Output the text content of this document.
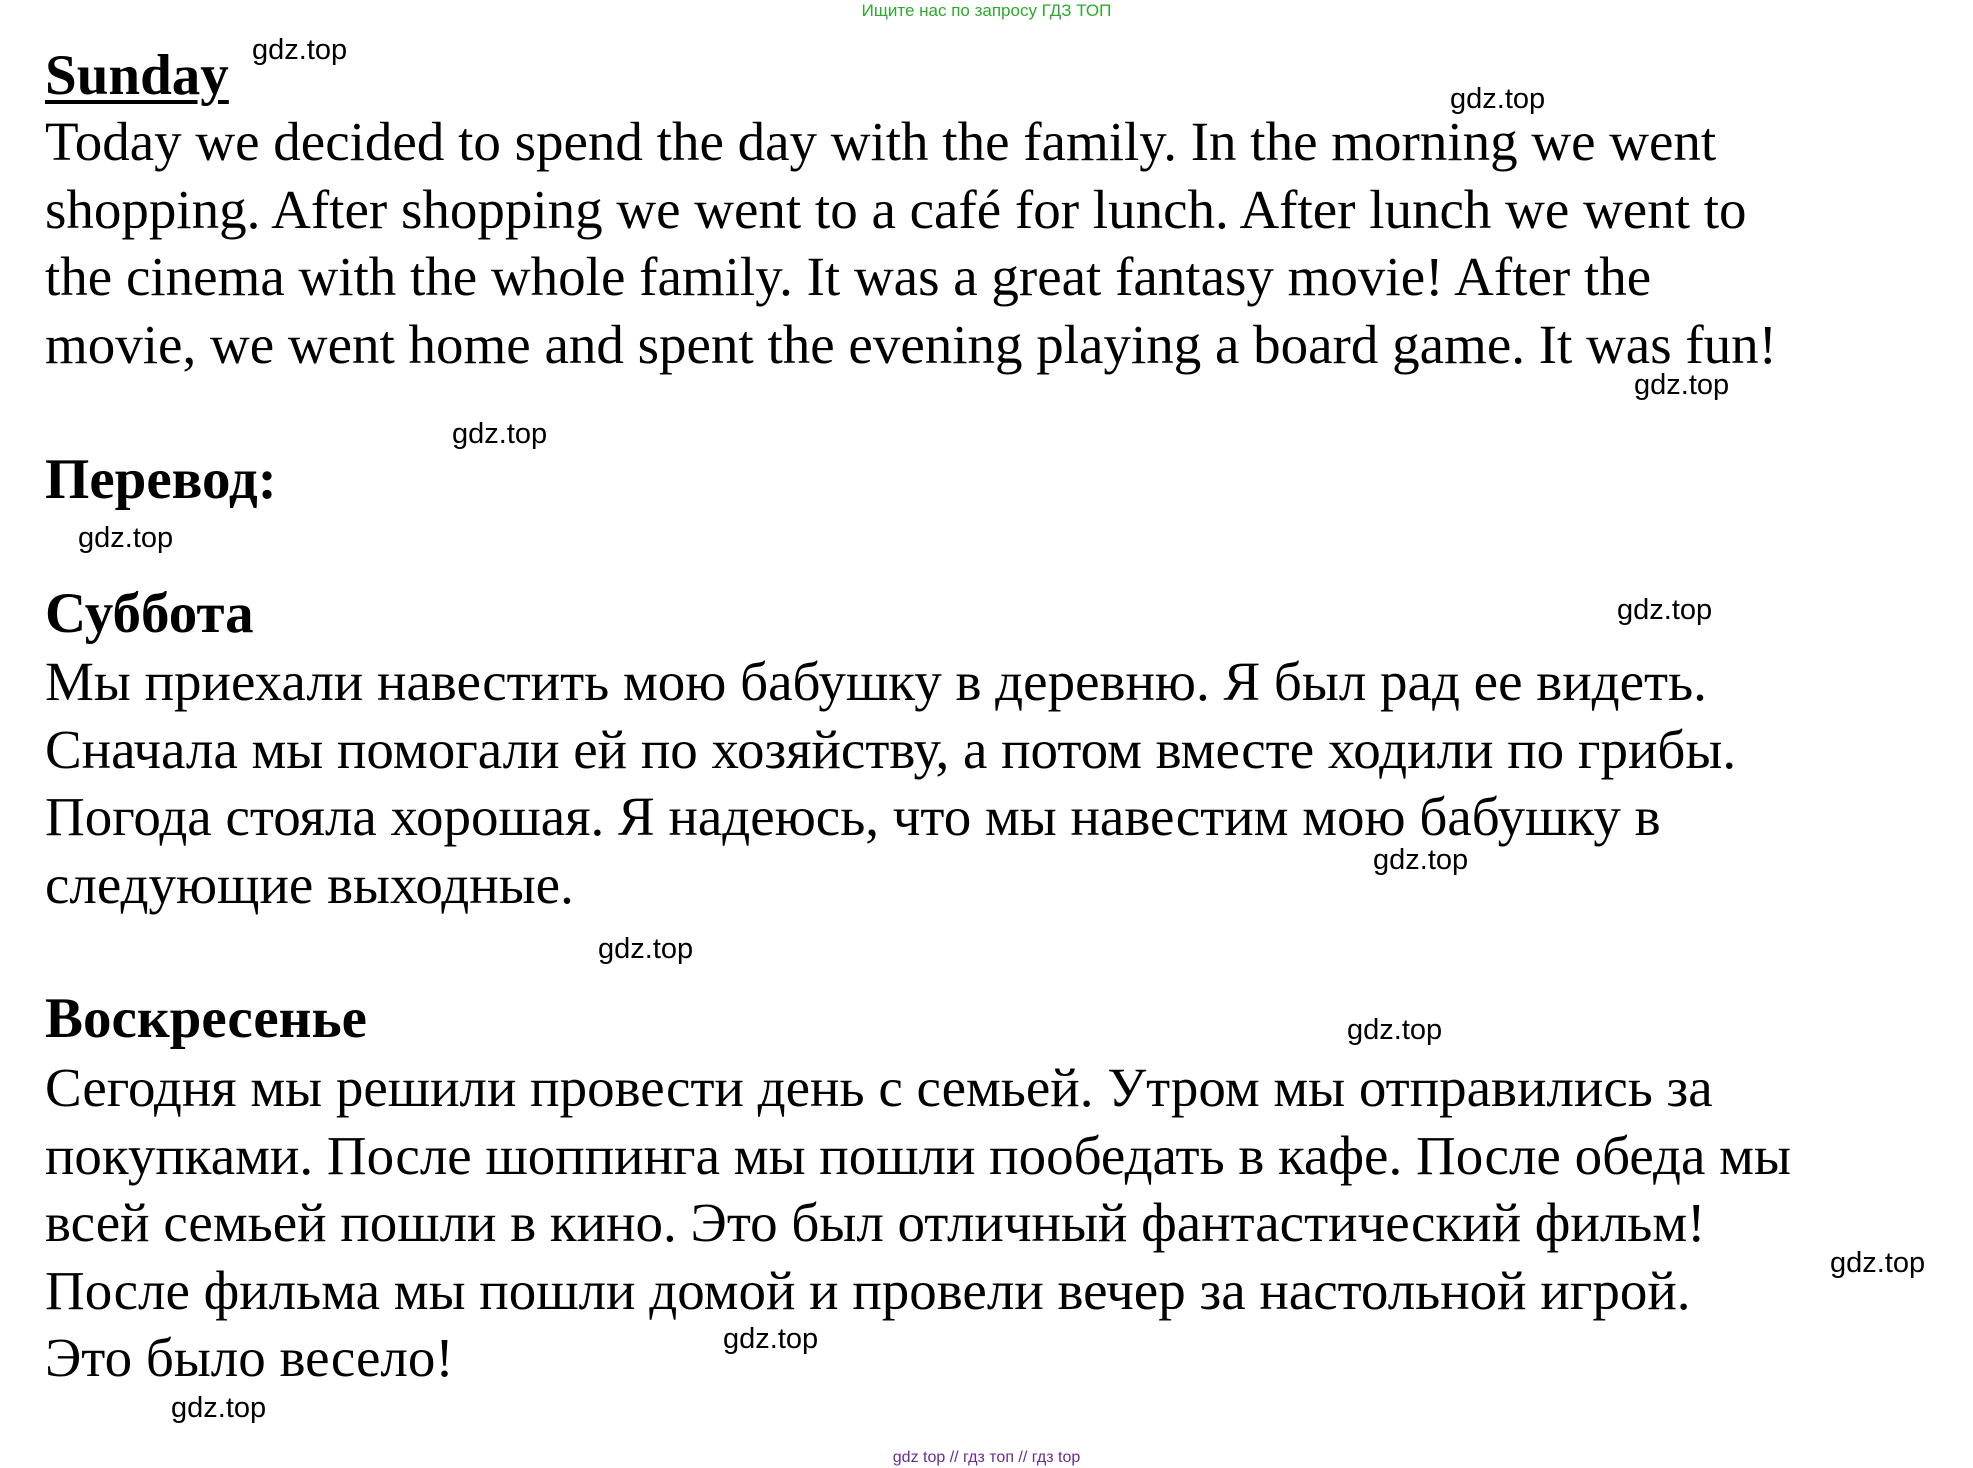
Ищите нас по запросу ГДЗ ТОП
Sunday
Today we decided to spend the day with the family. In the morning we went
shopping. After shopping we went to a café for lunch. After lunch we went to
the cinema with the whole family. It was a great fantasy movie! After the
movie, we went home and spent the evening playing a board game. It was fun!
Перевод:
Суббота
Мы приехали навестить мою бабушку в деревню. Я был рад ее видеть.
Сначала мы помогали ей по хозяйству, а потом вместе ходили по грибы.
Погода стояла хорошая. Я надеюсь, что мы навестим мою бабушку в
следующие выходные.
Воскресенье
Сегодня мы решили провести день с семьей. Утром мы отправились за
покупками. После шоппинга мы пошли пообедать в кафе. После обеда мы
всей семьей пошли в кино. Это был отличный фантастический фильм!
После фильма мы пошли домой и провели вечер за настольной игрой.
Это было весело!
gdz.top
gdz.top
gdz.top
gdz.top
gdz.top
gdz.top
gdz.top
gdz.top
gdz.top
gdz.top
gdz.top
gdz.top
gdz top // гдз топ // гдз top
